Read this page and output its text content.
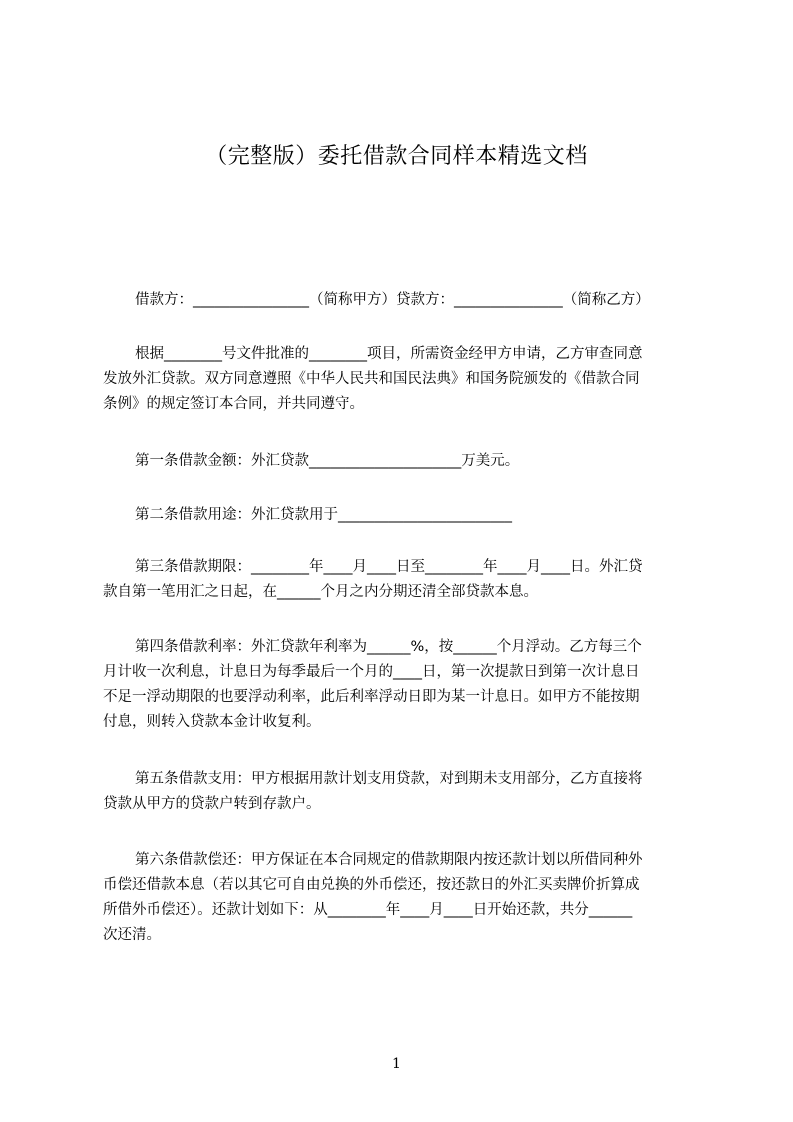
（完整版）委托借款合同样本精选文档
借款方：________________（简称甲方）贷款方：_______________（简称乙方）
根据________号文件批准的________项目，所需资金经甲方申请，乙方审查同意
发放外汇贷款。双方同意遵照《中华人民共和国民法典》和国务院颁发的《借款合同
条例》的规定签订本合同，并共同遵守。
第一条借款金额：外汇贷款_____________________万美元。
第二条借款用途：外汇贷款用于________________________
第三条借款期限：________年____月____日至________年____月____日。外汇贷
款自第一笔用汇之日起，在______个月之内分期还清全部贷款本息。
第四条借款利率：外汇贷款年利率为______%，按______个月浮动。乙方每三个
月计收一次利息，计息日为每季最后一个月的____日，第一次提款日到第一次计息日
不足一浮动期限的也要浮动利率，此后利率浮动日即为某一计息日。如甲方不能按期
付息，则转入贷款本金计收复利。
第五条借款支用：甲方根据用款计划支用贷款，对到期未支用部分，乙方直接将
贷款从甲方的贷款户转到存款户。
第六条借款偿还：甲方保证在本合同规定的借款期限内按还款计划以所借同种外
币偿还借款本息（若以其它可自由兑换的外币偿还，按还款日的外汇买卖牌价折算成
所借外币偿还）。还款计划如下：从________年____月____日开始还款，共分______
次还清。
1
